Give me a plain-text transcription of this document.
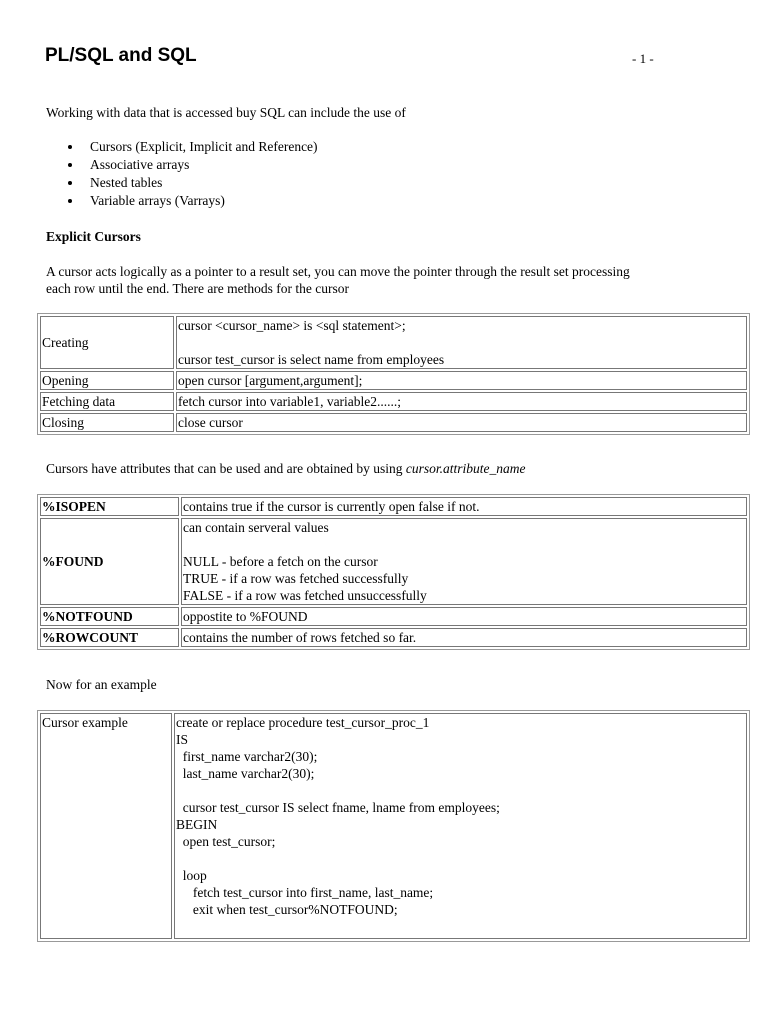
PL/SQL and SQL	- 1 -
Working with data that is accessed buy SQL can include the use of
Cursors (Explicit, Implicit and Reference)
Associative arrays
Nested tables
Variable arrays (Varrays)
Explicit Cursors
A cursor acts logically as a pointer to a result set, you can move the pointer through the result set processing
each row until the end. There are methods for the cursor
Creating	cursor <cursor_name> is <sql statement>;
cursor test_cursor is select name from employees

Opening	open cursor [argument,argument];

Fetching data	fetch cursor into variable1, variable2......;

Closing	close cursor
Cursors have attributes that can be used and are obtained by using cursor.attribute_name
%ISOPEN	contains true if the cursor is currently open false if not.

%FOUND	can contain serveral values
NULL - before a fetch on the cursor
TRUE - if a row was fetched successfully
FALSE - if a row was fetched unsuccessfully

%NOTFOUND	oppostite to %FOUND

%ROWCOUNT	contains the number of rows fetched so far.
Now for an example
Cursor example	create or replace procedure test_cursor_proc_1
IS
first_name varchar2(30);
last_name varchar2(30);
cursor test_cursor IS select fname, lname from employees;
BEGIN
open test_cursor;
loop
fetch test_cursor into first_name, last_name;
exit when test_cursor%NOTFOUND;
